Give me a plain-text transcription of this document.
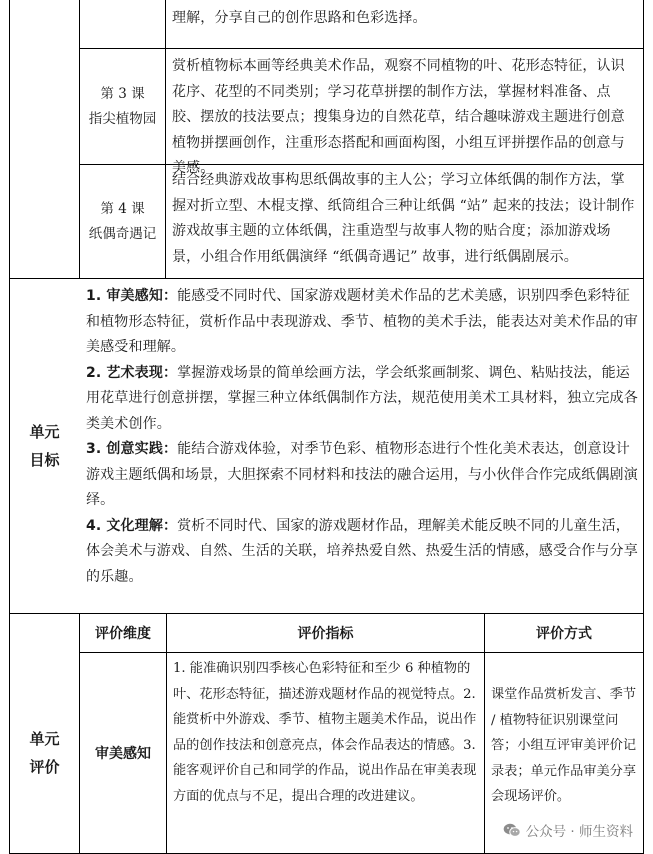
理解，分享自己的创作思路和色彩选择。
第 3 课
指尖植物园
赏析植物标本画等经典美术作品，观察不同植物的叶、花形态特征，认识花序、花型的不同类别；学习花草拼摆的制作方法，掌握材料准备、点胶、摆放的技法要点；搜集身边的自然花草，结合趣味游戏主题进行创意植物拼摆画创作，注重形态搭配和画面构图，小组互评拼摆作品的创意与美感。
第 4 课
纸偶奇遇记
结合经典游戏故事构思纸偶故事的主人公；学习立体纸偶的制作方法，掌握对折立型、木棍支撑、纸筒组合三种让纸偶 “站” 起来的技法；设计制作游戏故事主题的立体纸偶，注重造型与故事人物的贴合度；添加游戏场景，小组合作用纸偶演绎 “纸偶奇遇记” 故事，进行纸偶剧展示。
单元
目标

1. 审美感知：能感受不同时代、国家游戏题材美术作品的艺术美感，识别四季色彩特征和植物形态特征，赏析作品中表现游戏、季节、植物的美术手法，能表达对美术作品的审美感受和理解。

2. 艺术表现：掌握游戏场景的简单绘画方法，学会纸浆画制浆、调色、粘贴技法，能运用花草进行创意拼摆，掌握三种立体纸偶制作方法，规范使用美术工具材料，独立完成各类美术创作。

3. 创意实践：能结合游戏体验，对季节色彩、植物形态进行个性化美术表达，创意设计游戏主题纸偶和场景，大胆探索不同材料和技法的融合运用，与小伙伴合作完成纸偶剧演绎。

4. 文化理解：赏析不同时代、国家的游戏题材作品，理解美术能反映不同的儿童生活，体会美术与游戏、自然、生活的关联，培养热爱自然、热爱生活的情感，感受合作与分享的乐趣。

单元
评价
评价维度	评价指标	评价方式
审美感知
1. 能准确识别四季核心色彩特征和至少 6 种植物的叶、花形态特征，描述游戏题材作品的视觉特点。2. 能赏析中外游戏、季节、植物主题美术作品，说出作品的创作技法和创意亮点，体会作品表达的情感。3. 能客观评价自己和同学的作品，说出作品在审美表现方面的优点与不足，提出合理的改进建议。
课堂作品赏析发言、季节 / 植物特征识别课堂问答；小组互评审美评价记录表；单元作品审美分享会现场评价。
公众号 · 师生资料
